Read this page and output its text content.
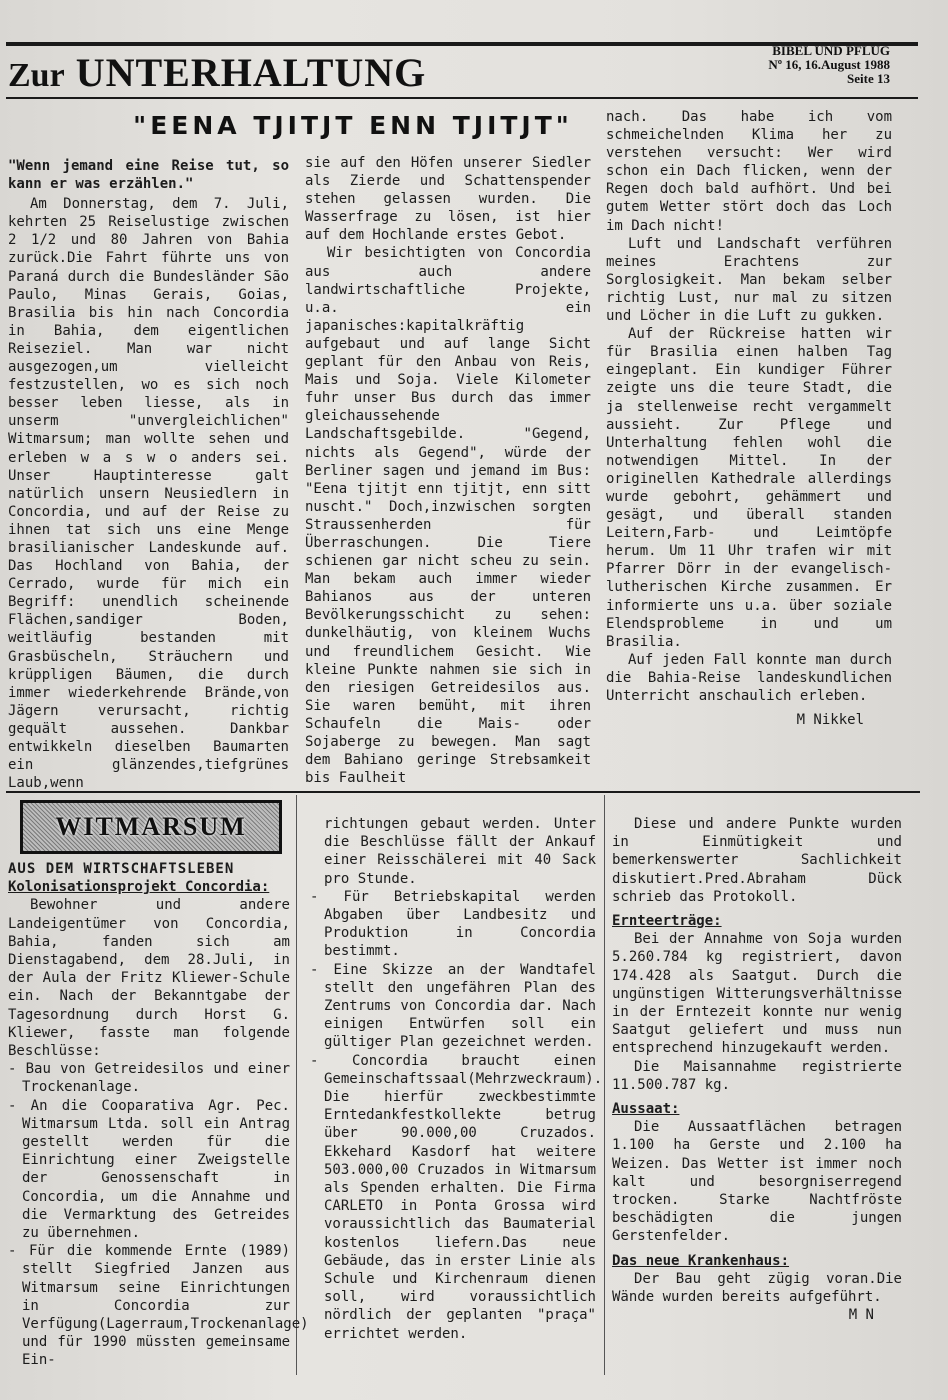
Zur UNTERHALTUNG	BIBEL UND PFLUG
Nº 16, 16.August 1988
Seite 13
"EENA TJITJT ENN TJITJT"

"Wenn jemand eine Reise tut, so kann er was erzählen."

Am Donnerstag, dem 7. Juli, kehrten 25 Reiselustige zwischen 2 1/2 und 80 Jahren von Bahia zurück.Die Fahrt führte uns von Paraná durch die Bundesländer São Paulo, Minas Gerais, Goias, Brasilia bis hin nach Concordia in Bahia, dem eigentlichen Reiseziel. Man war nicht ausgezogen,um vielleicht festzustellen, wo es sich noch besser leben liesse, als in unserm "unvergleichlichen" Witmarsum; man wollte sehen und erleben w a s w o anders sei. Unser Hauptinteresse galt natürlich unsern Neusiedlern in Concordia, und auf der Reise zu ihnen tat sich uns eine Menge brasilianischer Landeskunde auf. Das Hochland von Bahia, der Cerrado, wurde für mich ein Begriff: unendlich scheinende Flächen,sandiger Boden, weitläufig bestanden mit Grasbüscheln, Sträuchern und krüppligen Bäumen, die durch immer wiederkehrende Brände,von Jägern verursacht, richtig gequält aussehen. Dankbar entwikkeln dieselben Baumarten ein glänzendes,tiefgrünes Laub,wenn

sie auf den Höfen unserer Siedler als Zierde und Schattenspender stehen gelassen wurden. Die Wasserfrage zu lösen, ist hier auf dem Hochlande erstes Gebot.

Wir besichtigten von Concordia aus auch andere landwirtschaftliche Projekte, u.a. ein japanisches:kapitalkräftig aufgebaut und auf lange Sicht geplant für den Anbau von Reis, Mais und Soja. Viele Kilometer fuhr unser Bus durch das immer gleichaussehende Landschaftsgebilde. "Gegend, nichts als Gegend", würde der Berliner sagen und jemand im Bus: "Eena tjitjt enn tjitjt, enn sitt nuscht." Doch,inzwischen sorgten Straussenherden für Überraschungen. Die Tiere schienen gar nicht scheu zu sein. Man bekam auch immer wieder Bahianos aus der unteren Bevölkerungsschicht zu sehen: dunkelhäutig, von kleinem Wuchs und freundlichem Gesicht. Wie kleine Punkte nahmen sie sich in den riesigen Getreidesilos aus. Sie waren bemüht, mit ihren Schaufeln die Mais- oder Sojaberge zu bewegen. Man sagt dem Bahiano geringe Strebsamkeit bis Faulheit

nach. Das habe ich vom schmeichelnden Klima her zu verstehen versucht: Wer wird schon ein Dach flicken, wenn der Regen doch bald aufhört. Und bei gutem Wetter stört doch das Loch im Dach nicht!

Luft und Landschaft verführen meines Erachtens zur Sorglosigkeit. Man bekam selber richtig Lust, nur mal zu sitzen und Löcher in die Luft zu gukken.

Auf der Rückreise hatten wir für Brasilia einen halben Tag eingeplant. Ein kundiger Führer zeigte uns die teure Stadt, die ja stellenweise recht vergammelt aussieht. Zur Pflege und Unterhaltung fehlen wohl die notwendigen Mittel. In der originellen Kathedrale allerdings wurde gebohrt, gehämmert und gesägt, und überall standen Leitern,Farb- und Leimtöpfe herum. Um 11 Uhr trafen wir mit Pfarrer Dörr in der evangelisch-lutherischen Kirche zusammen. Er informierte uns u.a. über soziale Elendsprobleme in und um Brasilia.

Auf jeden Fall konnte man durch die Bahia-Reise landeskundlichen Unterricht anschaulich erleben.

M Nikkel

WITMARSUM

AUS DEM WIRTSCHAFTSLEBEN

Kolonisationsprojekt Concordia:

Bewohner und andere Landeigentümer von Concordia, Bahia, fanden sich am Dienstagabend, dem 28.Juli, in der Aula der Fritz Kliewer-Schule ein. Nach der Bekanntgabe der Tagesordnung durch Horst G. Kliewer, fasste man folgende Beschlüsse:

- Bau von Getreidesilos und einer Trockenanlage.

- An die Cooparativa Agr. Pec. Witmarsum Ltda. soll ein Antrag gestellt werden für die Einrichtung einer Zweigstelle der Genossenschaft in Concordia, um die Annahme und die Vermarktung des Getreides zu übernehmen.

- Für die kommende Ernte (1989) stellt Siegfried Janzen aus Witmarsum seine Einrichtungen in Concordia zur Verfügung(Lagerraum,Trockenanlage) und für 1990 müssten gemeinsame Ein-

richtungen gebaut werden. Unter die Beschlüsse fällt der Ankauf einer Reisschälerei mit 40 Sack pro Stunde.

- Für Betriebskapital werden Abgaben über Landbesitz und Produktion in Concordia bestimmt.

- Eine Skizze an der Wandtafel stellt den ungefähren Plan des Zentrums von Concordia dar. Nach einigen Entwürfen soll ein gültiger Plan gezeichnet werden.

- Concordia braucht einen Gemeinschaftssaal(Mehrzweckraum). Die hierfür zweckbestimmte Erntedankfestkollekte betrug über 90.000,00 Cruzados. Ekkehard Kasdorf hat weitere 503.000,00 Cruzados in Witmarsum als Spenden erhalten. Die Firma CARLETO in Ponta Grossa wird voraussichtlich das Baumaterial kostenlos liefern.Das neue Gebäude, das in erster Linie als Schule und Kirchenraum dienen soll, wird voraussichtlich nördlich der geplanten "praça" errichtet werden.

Diese und andere Punkte wurden in Einmütigkeit und bemerkenswerter Sachlichkeit diskutiert.Pred.Abraham Dück schrieb das Protokoll.

Ernteerträge:

Bei der Annahme von Soja wurden 5.260.784 kg registriert, davon 174.428 als Saatgut. Durch die ungünstigen Witterungsverhältnisse in der Erntezeit konnte nur wenig Saatgut geliefert und muss nun entsprechend hinzugekauft werden.

Die Maisannahme registrierte 11.500.787 kg.

Aussaat:

Die Aussaatflächen betragen 1.100 ha Gerste und 2.100 ha Weizen. Das Wetter ist immer noch kalt und besorgniserregend trocken. Starke Nachtfröste beschädigten die jungen Gerstenfelder.

Das neue Krankenhaus:

Der Bau geht zügig voran.Die Wände wurden bereits aufgeführt.

M N
